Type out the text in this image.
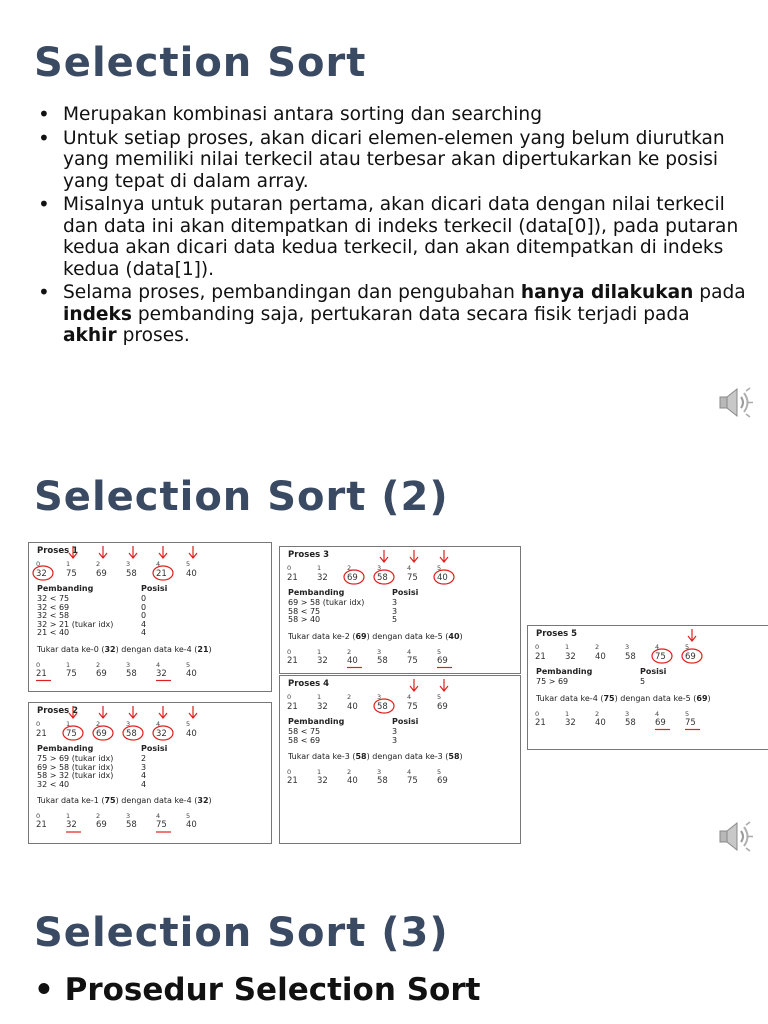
Selection Sort
• Merupakan kombinasi antara sorting dan searching
• Untuk setiap proses, akan dicari elemen-elemen yang belum diurutkan yang memiliki nilai terkecil atau terbesar akan dipertukarkan ke posisi yang tepat di dalam array.
• Misalnya untuk putaran pertama, akan dicari data dengan nilai terkecil dan data ini akan ditempatkan di indeks terkecil (data[0]), pada putaran kedua akan dicari data kedua terkecil, dan akan ditempatkan di indeks kedua (data[1]).
• Selama proses, pembandingan dan pengubahan hanya dilakukan pada indeks pembanding saja, pertukaran data secara fisik terjadi pada akhir proses.
Selection Sort (2)
Proses 1
0	1	2	3	4	5
32	75	69	58	21	40
Pembanding	Posisi
32 < 75	0
32 < 69	0
32 < 58	0
32 > 21 (tukar idx)	4
21 < 40	4
Tukar data ke-0 (32) dengan data ke-4 (21)
0	1	2	3	4	5
21	75	69	58	32	40
Proses 2
0	1	2	3	4	5
21	75	69	58	32	40
Pembanding	Posisi
75 > 69 (tukar idx)	2
69 > 58 (tukar idx)	3
58 > 32 (tukar idx)	4
32 < 40	4
Tukar data ke-1 (75) dengan data ke-4 (32)
0	1	2	3	4	5
21	32	69	58	75	40
Proses 3
0	1	2	3	4	5
21	32	69	58	75	40
Pembanding	Posisi
69 > 58 (tukar idx)	3
58 < 75	3
58 > 40	5
Tukar data ke-2 (69) dengan data ke-5 (40)
0	1	2	3	4	5
21	32	40	58	75	69
Proses 4
0	1	2	3	4	5
21	32	40	58	75	69
Pembanding	Posisi
58 < 75	3
58 < 69	3
Tukar data ke-3 (58) dengan data ke-3 (58)
0	1	2	3	4	5
21	32	40	58	75	69
Proses 5
0	1	2	3	4	5
21	32	40	58	75	69
Pembanding	Posisi
75 > 69	5
Tukar data ke-4 (75) dengan data ke-5 (69)
0	1	2	3	4	5
21	32	40	58	69	75
Selection Sort (3)
• Prosedur Selection Sort
